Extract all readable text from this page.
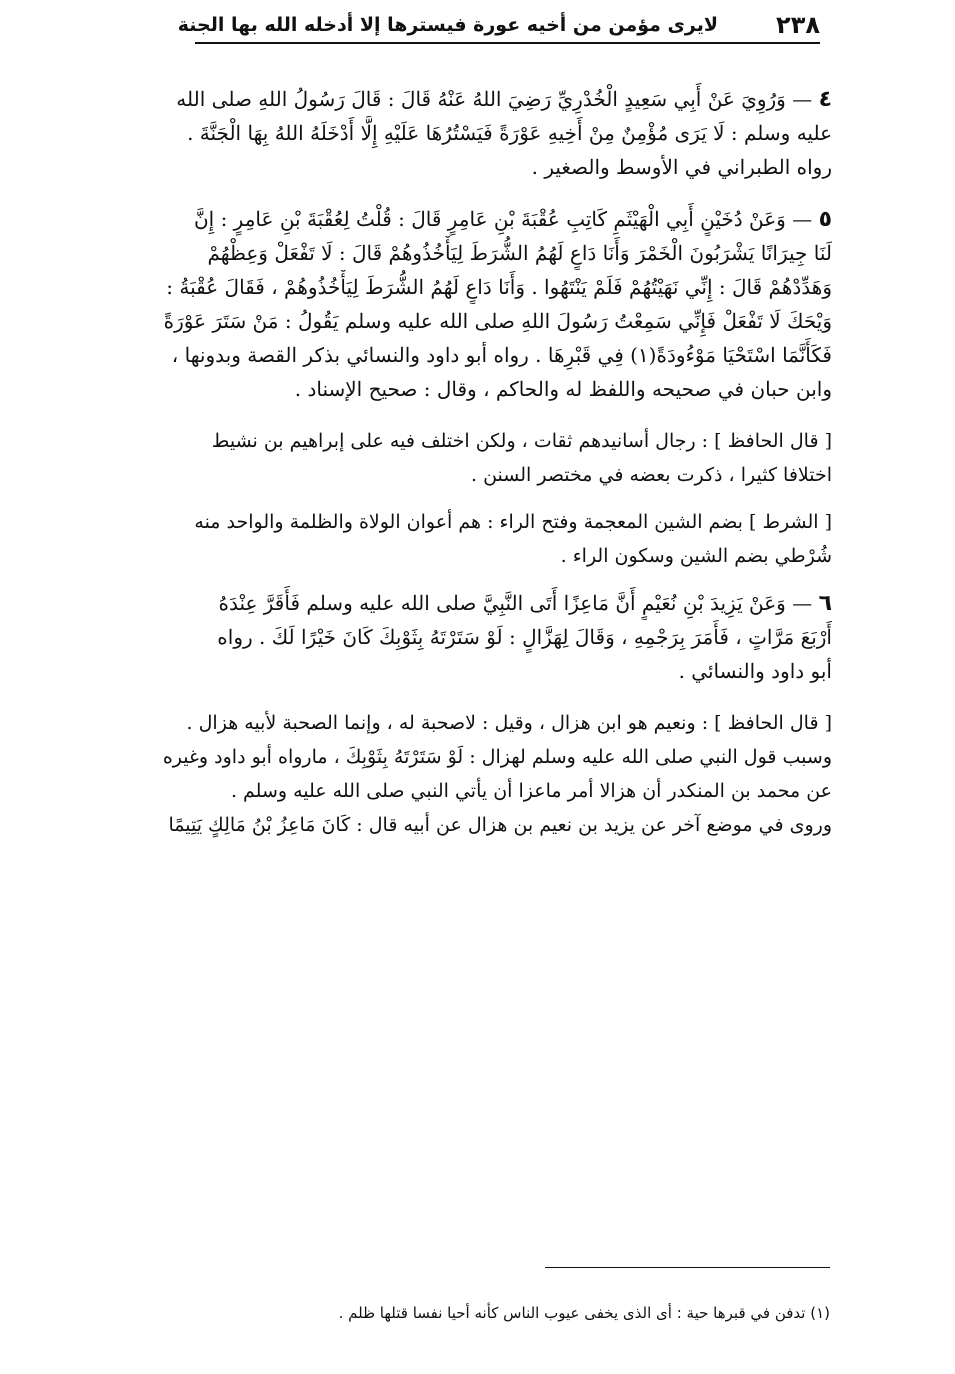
٢٣٨
لايرى مؤمن من أخيه عورة فيسترها إلا أدخله الله بها الجنة
٤ — وَرُوِيَ عَنْ أَبِي سَعِيدٍ الْخُدْرِيِّ رَضِيَ اللهُ عَنْهُ قَالَ : قَالَ رَسُولُ اللهِ صلى الله
عليه وسلم : لَا يَرَى مُؤْمِنٌ مِنْ أَخِيهِ عَوْرَةً فَيَسْتُرُهَا عَلَيْهِ إِلَّا أَدْخَلَهُ اللهُ بِهَا الْجَنَّةَ .
رواه الطبراني في الأوسط والصغير .
٥ — وَعَنْ دُخَيْنٍ أَبِي الْهَيْثَمِ كَاتِبِ عُقْبَةَ بْنِ عَامِرٍ قَالَ : قُلْتُ لِعُقْبَةَ بْنِ عَامِرٍ : إِنَّ
لَنَا جِيرَانًا يَشْرَبُونَ الْخَمْرَ وَأَنَا دَاعٍ لَهُمُ الشُّرَطَ لِيَأْخُذُوهُمْ قَالَ : لَا تَفْعَلْ وَعِظْهُمْ
وَهَدِّدْهُمْ قَالَ : إِنِّي نَهَيْتُهُمْ فَلَمْ يَنْتَهُوا . وَأَنَا دَاعٍ لَهُمُ الشُّرَطَ لِيَأْخُذُوهُمْ ، فَقَالَ عُقْبَةُ :
وَيْحَكَ لَا تَفْعَلْ فَإِنِّي سَمِعْتُ رَسُولَ اللهِ صلى الله عليه وسلم يَقُولُ : مَنْ سَتَرَ عَوْرَةً
فَكَأَنَّمَا اسْتَحْيَا مَوْءُودَةً(١) فِي قَبْرِهَا . رواه أبو داود والنسائي بذكر القصة وبدونها ،
وابن حبان في صحيحه واللفظ له والحاكم ، وقال : صحيح الإسناد .
[ قال الحافظ ] : رجال أسانيدهم ثقات ، ولكن اختلف فيه على إبراهيم بن نشيط
اختلافا كثيرا ، ذكرت بعضه في مختصر السنن .
[ الشرط ] بضم الشين المعجمة وفتح الراء : هم أعوان الولاة والظلمة والواحد منه
شُرْطي بضم الشين وسكون الراء .
٦ — وَعَنْ يَزِيدَ بْنِ نُعَيْمٍ أَنَّ مَاعِزًا أَتَى النَّبِيَّ صلى الله عليه وسلم فَأَقَرَّ عِنْدَهُ
أَرْبَعَ مَرَّاتٍ ، فَأَمَرَ بِرَجْمِهِ ، وَقَالَ لِهَزَّالٍ : لَوْ سَتَرْتَهُ بِثَوْبِكَ كَانَ خَيْرًا لَكَ . رواه
أبو داود والنسائي .
[ قال الحافظ ] : ونعيم هو ابن هزال ، وقيل : لاصحبة له ، وإنما الصحبة لأبيه هزال .
وسبب قول النبي صلى الله عليه وسلم لهزال : لَوْ سَتَرْتَهُ بِثَوْبِكَ ، مارواه أبو داود وغيره
عن محمد بن المنكدر أن هزالا أمر ماعزا أن يأتي النبي صلى الله عليه وسلم .
وروى في موضع آخر عن يزيد بن نعيم بن هزال عن أبيه قال : كَانَ مَاعِزُ بْنُ مَالِكٍ يَتِيمًا
(١) تدفن في قبرها حية : أى الذى يخفى عيوب الناس كأنه أحيا نفسا قتلها ظلم .
